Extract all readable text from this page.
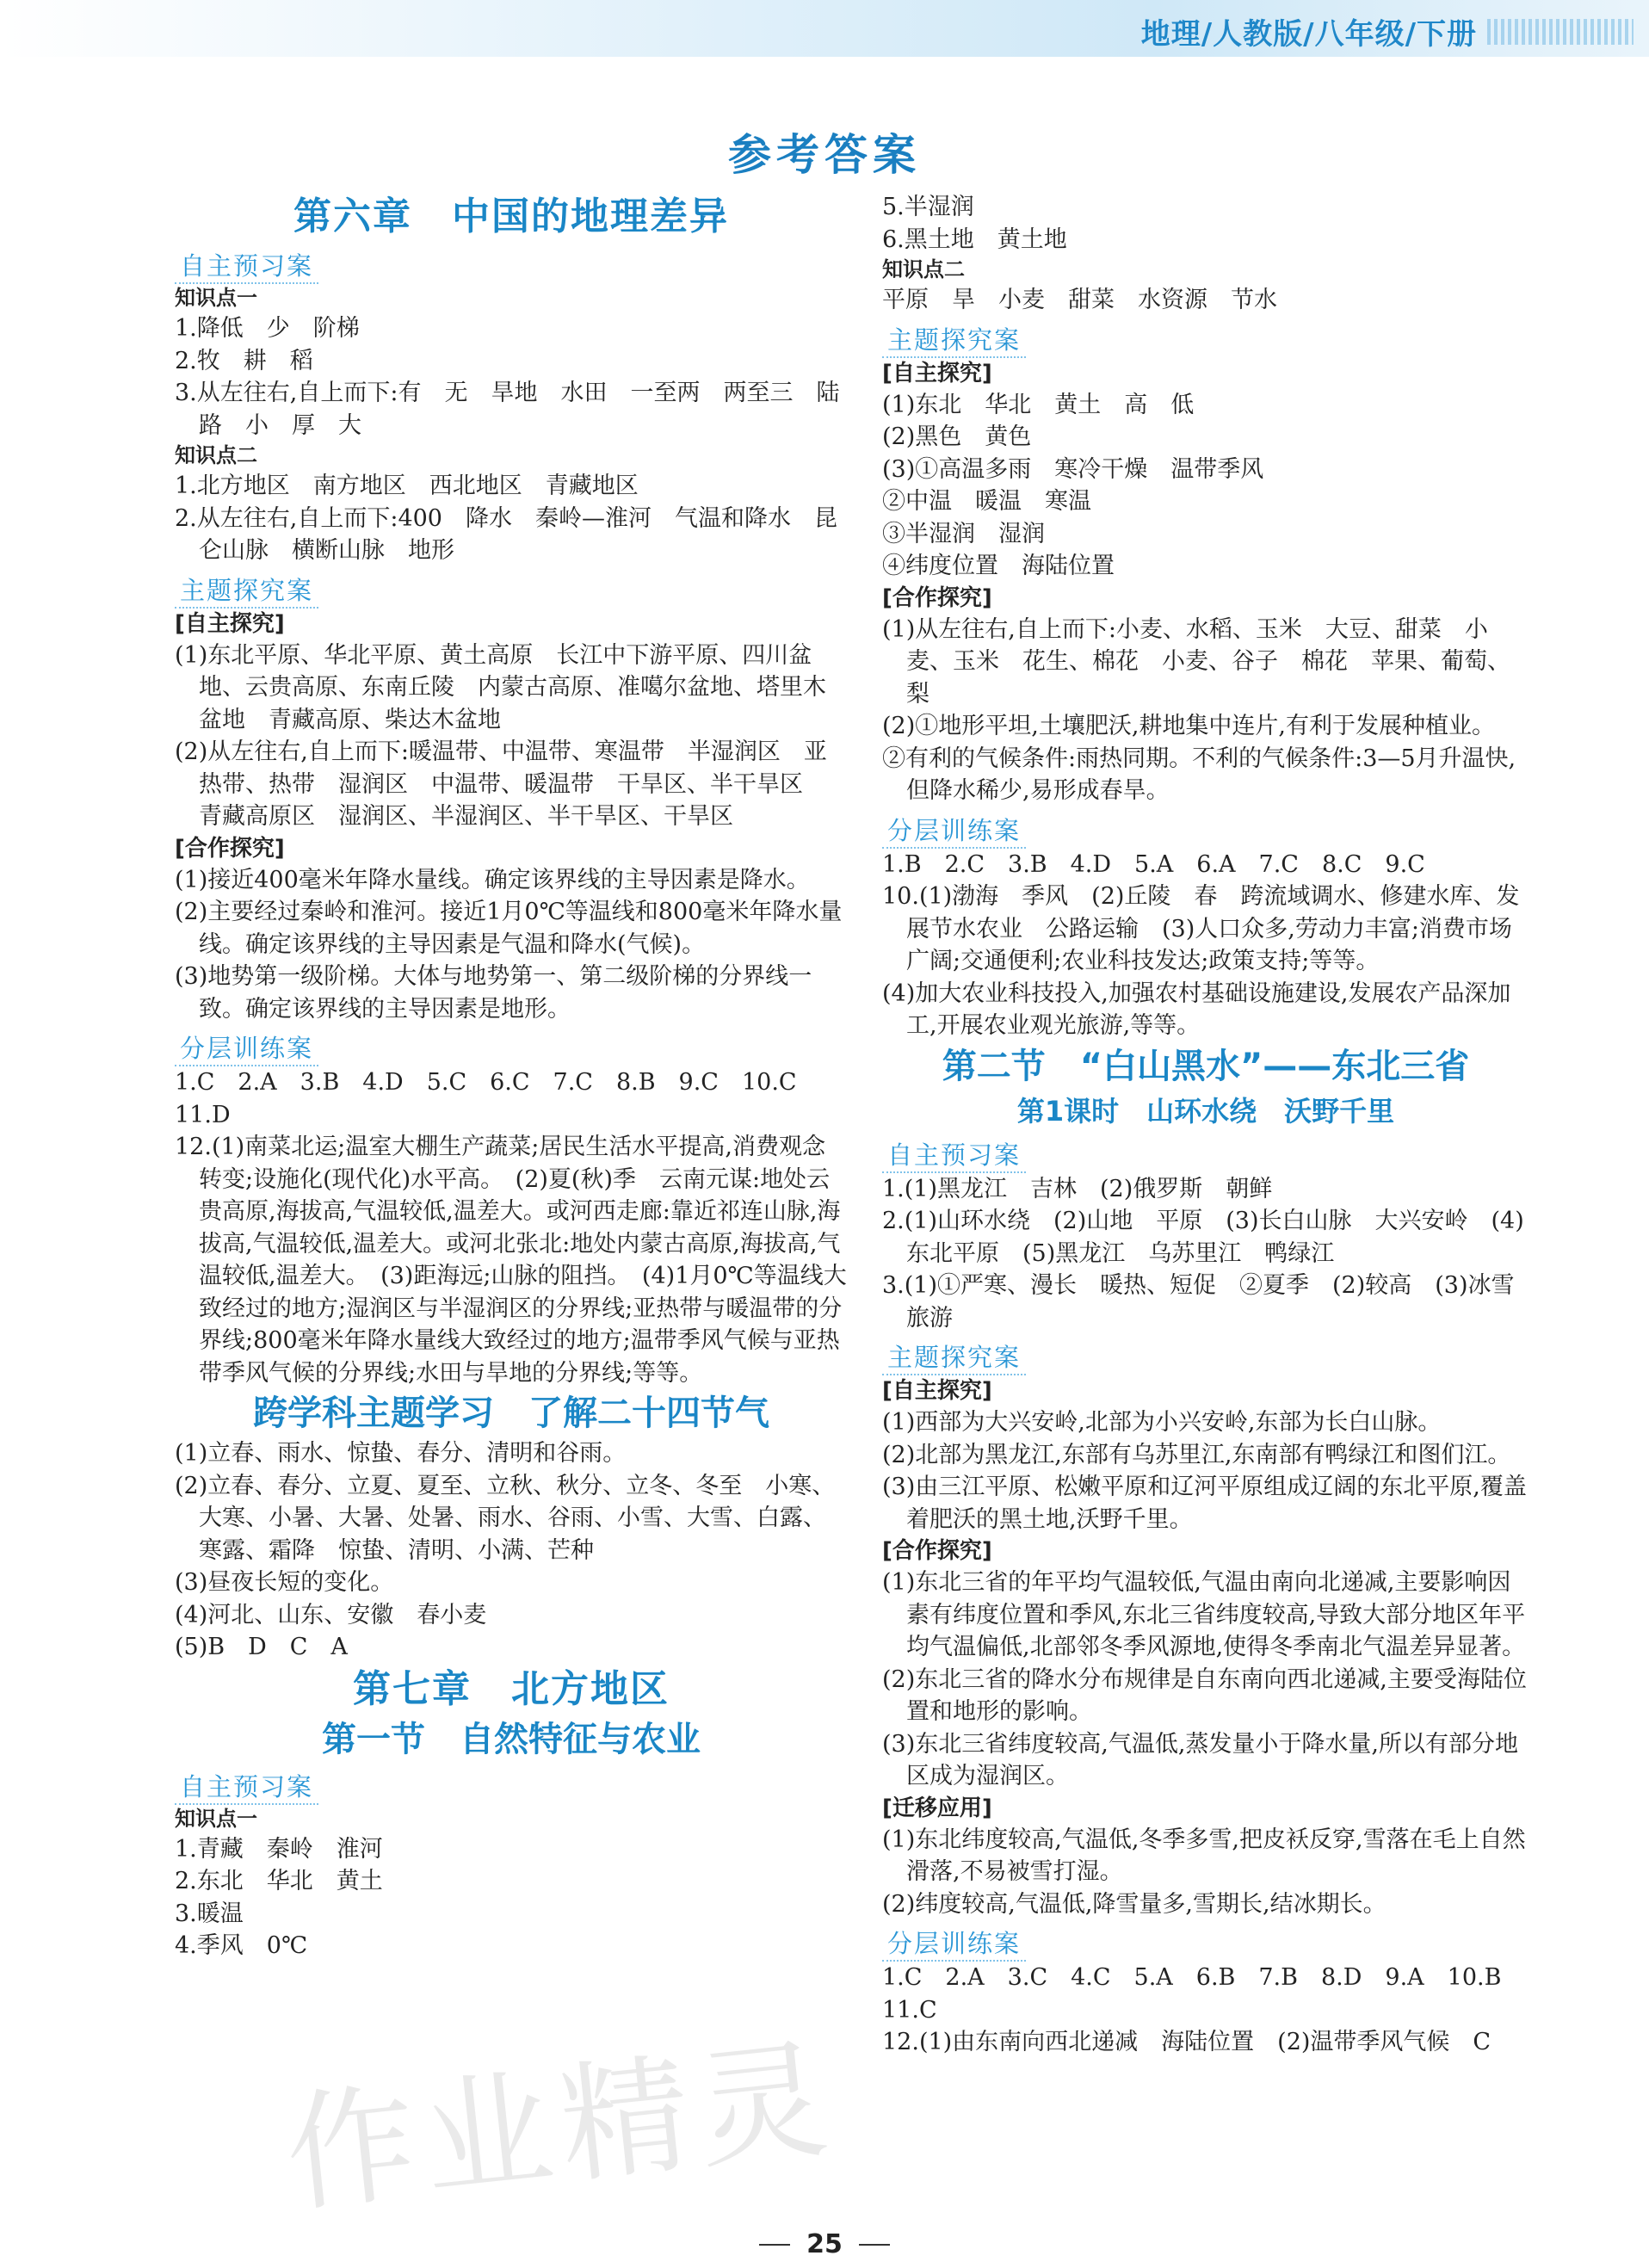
地理/人教版/八年级/下册
参考答案
第六章　中国的地理差异
自主预习案
知识点一
1.降低　少　阶梯
2.牧　耕　稻
3.从左往右,自上而下:有　无　旱地　水田　一至两　两至三　陆路　小　厚　大
知识点二
1.北方地区　南方地区　西北地区　青藏地区
2.从左往右,自上而下:400　降水　秦岭—淮河　气温和降水　昆仑山脉　横断山脉　地形
主题探究案
[自主探究]
(1)东北平原、华北平原、黄土高原　长江中下游平原、四川盆地、云贵高原、东南丘陵　内蒙古高原、准噶尔盆地、塔里木盆地　青藏高原、柴达木盆地
(2)从左往右,自上而下:暖温带、中温带、寒温带　半湿润区　亚热带、热带　湿润区　中温带、暖温带　干旱区、半干旱区　青藏高原区　湿润区、半湿润区、半干旱区、干旱区
[合作探究]
(1)接近400毫米年降水量线。确定该界线的主导因素是降水。
(2)主要经过秦岭和淮河。接近1月0℃等温线和800毫米年降水量线。确定该界线的主导因素是气温和降水(气候)。
(3)地势第一级阶梯。大体与地势第一、第二级阶梯的分界线一致。确定该界线的主导因素是地形。
分层训练案
1.C　2.A　3.B　4.D　5.C　6.C　7.C　8.B　9.C　10.C
11.D
12.(1)南菜北运;温室大棚生产蔬菜;居民生活水平提高,消费观念转变;设施化(现代化)水平高。　(2)夏(秋)季　云南元谋:地处云贵高原,海拔高,气温较低,温差大。或河西走廊:靠近祁连山脉,海拔高,气温较低,温差大。或河北张北:地处内蒙古高原,海拔高,气温较低,温差大。　(3)距海远;山脉的阻挡。　(4)1月0℃等温线大致经过的地方;湿润区与半湿润区的分界线;亚热带与暖温带的分界线;800毫米年降水量线大致经过的地方;温带季风气候与亚热带季风气候的分界线;水田与旱地的分界线;等等。
跨学科主题学习　了解二十四节气
(1)立春、雨水、惊蛰、春分、清明和谷雨。
(2)立春、春分、立夏、夏至、立秋、秋分、立冬、冬至　小寒、大寒、小暑、大暑、处暑、雨水、谷雨、小雪、大雪、白露、寒露、霜降　惊蛰、清明、小满、芒种
(3)昼夜长短的变化。
(4)河北、山东、安徽　春小麦
(5)B　D　C　A
第七章　北方地区
第一节　自然特征与农业
自主预习案
知识点一
1.青藏　秦岭　淮河
2.东北　华北　黄土
3.暖温
4.季风　0℃
5.半湿润
6.黑土地　黄土地
知识点二
平原　旱　小麦　甜菜　水资源　节水
主题探究案
[自主探究]
(1)东北　华北　黄土　高　低
(2)黑色　黄色
(3)①高温多雨　寒冷干燥　温带季风
②中温　暖温　寒温
③半湿润　湿润
④纬度位置　海陆位置
[合作探究]
(1)从左往右,自上而下:小麦、水稻、玉米　大豆、甜菜　小麦、玉米　花生、棉花　小麦、谷子　棉花　苹果、葡萄、梨
(2)①地形平坦,土壤肥沃,耕地集中连片,有利于发展种植业。
②有利的气候条件:雨热同期。不利的气候条件:3—5月升温快,但降水稀少,易形成春旱。
分层训练案
1.B　2.C　3.B　4.D　5.A　6.A　7.C　8.C　9.C
10.(1)渤海　季风　(2)丘陵　春　跨流域调水、修建水库、发展节水农业　公路运输　(3)人口众多,劳动力丰富;消费市场广阔;交通便利;农业科技发达;政策支持;等等。
(4)加大农业科技投入,加强农村基础设施建设,发展农产品深加工,开展农业观光旅游,等等。
第二节　“白山黑水”——东北三省
第1课时　山环水绕　沃野千里
自主预习案
1.(1)黑龙江　吉林　(2)俄罗斯　朝鲜
2.(1)山环水绕　(2)山地　平原　(3)长白山脉　大兴安岭　(4)东北平原　(5)黑龙江　乌苏里江　鸭绿江
3.(1)①严寒、漫长　暖热、短促　②夏季　(2)较高　(3)冰雪旅游
主题探究案
[自主探究]
(1)西部为大兴安岭,北部为小兴安岭,东部为长白山脉。
(2)北部为黑龙江,东部有乌苏里江,东南部有鸭绿江和图们江。
(3)由三江平原、松嫩平原和辽河平原组成辽阔的东北平原,覆盖着肥沃的黑土地,沃野千里。
[合作探究]
(1)东北三省的年平均气温较低,气温由南向北递减,主要影响因素有纬度位置和季风,东北三省纬度较高,导致大部分地区年平均气温偏低,北部邻冬季风源地,使得冬季南北气温差异显著。
(2)东北三省的降水分布规律是自东南向西北递减,主要受海陆位置和地形的影响。
(3)东北三省纬度较高,气温低,蒸发量小于降水量,所以有部分地区成为湿润区。
[迁移应用]
(1)东北纬度较高,气温低,冬季多雪,把皮袄反穿,雪落在毛上自然滑落,不易被雪打湿。
(2)纬度较高,气温低,降雪量多,雪期长,结冰期长。
分层训练案
1.C　2.A　3.C　4.C　5.A　6.B　7.B　8.D　9.A　10.B
11.C
12.(1)由东南向西北递减　海陆位置　(2)温带季风气候　C
作业精灵
25
